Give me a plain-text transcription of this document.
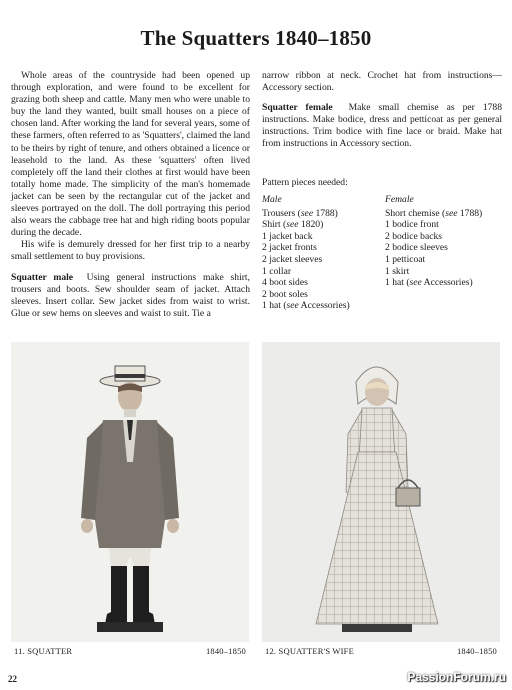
The Squatters 1840–1850

Whole areas of the countryside had been opened up through exploration, and were found to be excellent for grazing both sheep and cattle. Many men who were unable to buy the land they wanted, built small houses on a piece of chosen land. After working the land for several years, some of these farmers, often referred to as 'Squatters', claimed the land to be theirs by right of tenure, and others obtained a licence or leasehold to the land. As these 'squatters' often lived completely off the land their clothes at first would have been totally home made. The simplicity of the man's homemade jacket can be seen by the rectangular cut of the jacket and sleeves portrayed on the doll. The doll portraying this period also wears the cabbage tree hat and high riding boots popular during the decade.

His wife is demurely dressed for her first trip to a nearby small settlement to buy provisions.

Squatter male Using general instructions make shirt, trousers and boots. Sew shoulder seam of jacket. Attach sleeves. Insert collar. Sew jacket sides from waist to wrist. Glue or sew hems on sleeves and waist to suit. Tie a

narrow ribbon at neck. Crochet hat from instructions—Accessory section.

Squatter female Make small chemise as per 1788 instructions. Make bodice, dress and petticoat as per general instructions. Trim bodice with fine lace or braid. Make hat from instructions in Accessory section.

Pattern pieces needed:
Male
Trousers (see 1788)
Shirt (see 1820)
1 jacket back
2 jacket fronts
2 jacket sleeves
1 collar
4 boot sides
2 boot soles
1 hat (see Accessories)
Female
Short chemise (see 1788)
1 bodice front
2 bodice backs
2 bodice sleeves
1 petticoat
1 skirt
1 hat (see Accessories)
11. SQUATTER	1840–1850 12. SQUATTER'S WIFE	1840–1850
22	PassionForum.ru
